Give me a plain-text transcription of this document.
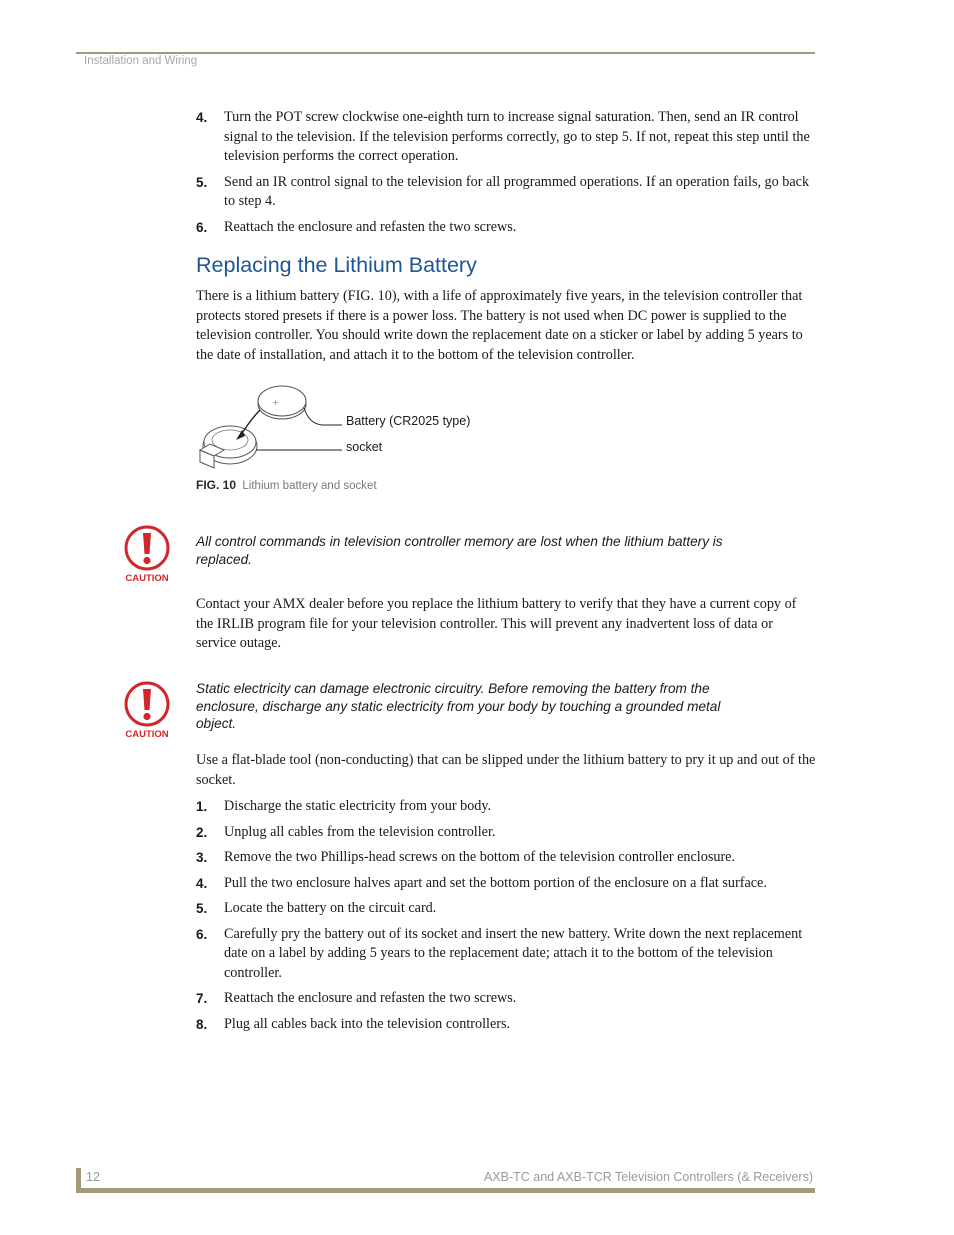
Installation and Wiring
4. Turn the POT screw clockwise one-eighth turn to increase signal saturation. Then, send an IR control signal to the television. If the television performs correctly, go to step 5. If not, repeat this step until the television performs the correct operation.
5. Send an IR control signal to the television for all programmed operations. If an operation fails, go back to step 4.
6. Reattach the enclosure and refasten the two screws.
Replacing the Lithium Battery

There is a lithium battery (FIG. 10), with a life of approximately five years, in the television controller that protects stored presets if there is a power loss. The battery is not used when DC power is supplied to the television controller. You should write down the replacement date on a sticker or label by adding 5 years to the date of installation, and attach it to the bottom of the television controller.

+
Battery (CR2025 type)
socket
FIG. 10 Lithium battery and socket
CAUTION

All control commands in television controller memory are lost when the lithium battery is replaced.

Contact your AMX dealer before you replace the lithium battery to verify that they have a current copy of the IRLIB program file for your television controller. This will prevent any inadvertent loss of data or service outage.

CAUTION

Static electricity can damage electronic circuitry. Before removing the battery from the enclosure, discharge any static electricity from your body by touching a grounded metal object.

Use a flat-blade tool (non-conducting) that can be slipped under the lithium battery to pry it up and out of the socket.

1. Discharge the static electricity from your body.
2. Unplug all cables from the television controller.
3. Remove the two Phillips-head screws on the bottom of the television controller enclosure.
4. Pull the two enclosure halves apart and set the bottom portion of the enclosure on a flat surface.
5. Locate the battery on the circuit card.
6. Carefully pry the battery out of its socket and insert the new battery. Write down the next replacement date on a label by adding 5 years to the replacement date; attach it to the bottom of the television controller.
7. Reattach the enclosure and refasten the two screws.
8. Plug all cables back into the television controllers.
12	AXB-TC and AXB-TCR Television Controllers (& Receivers)
